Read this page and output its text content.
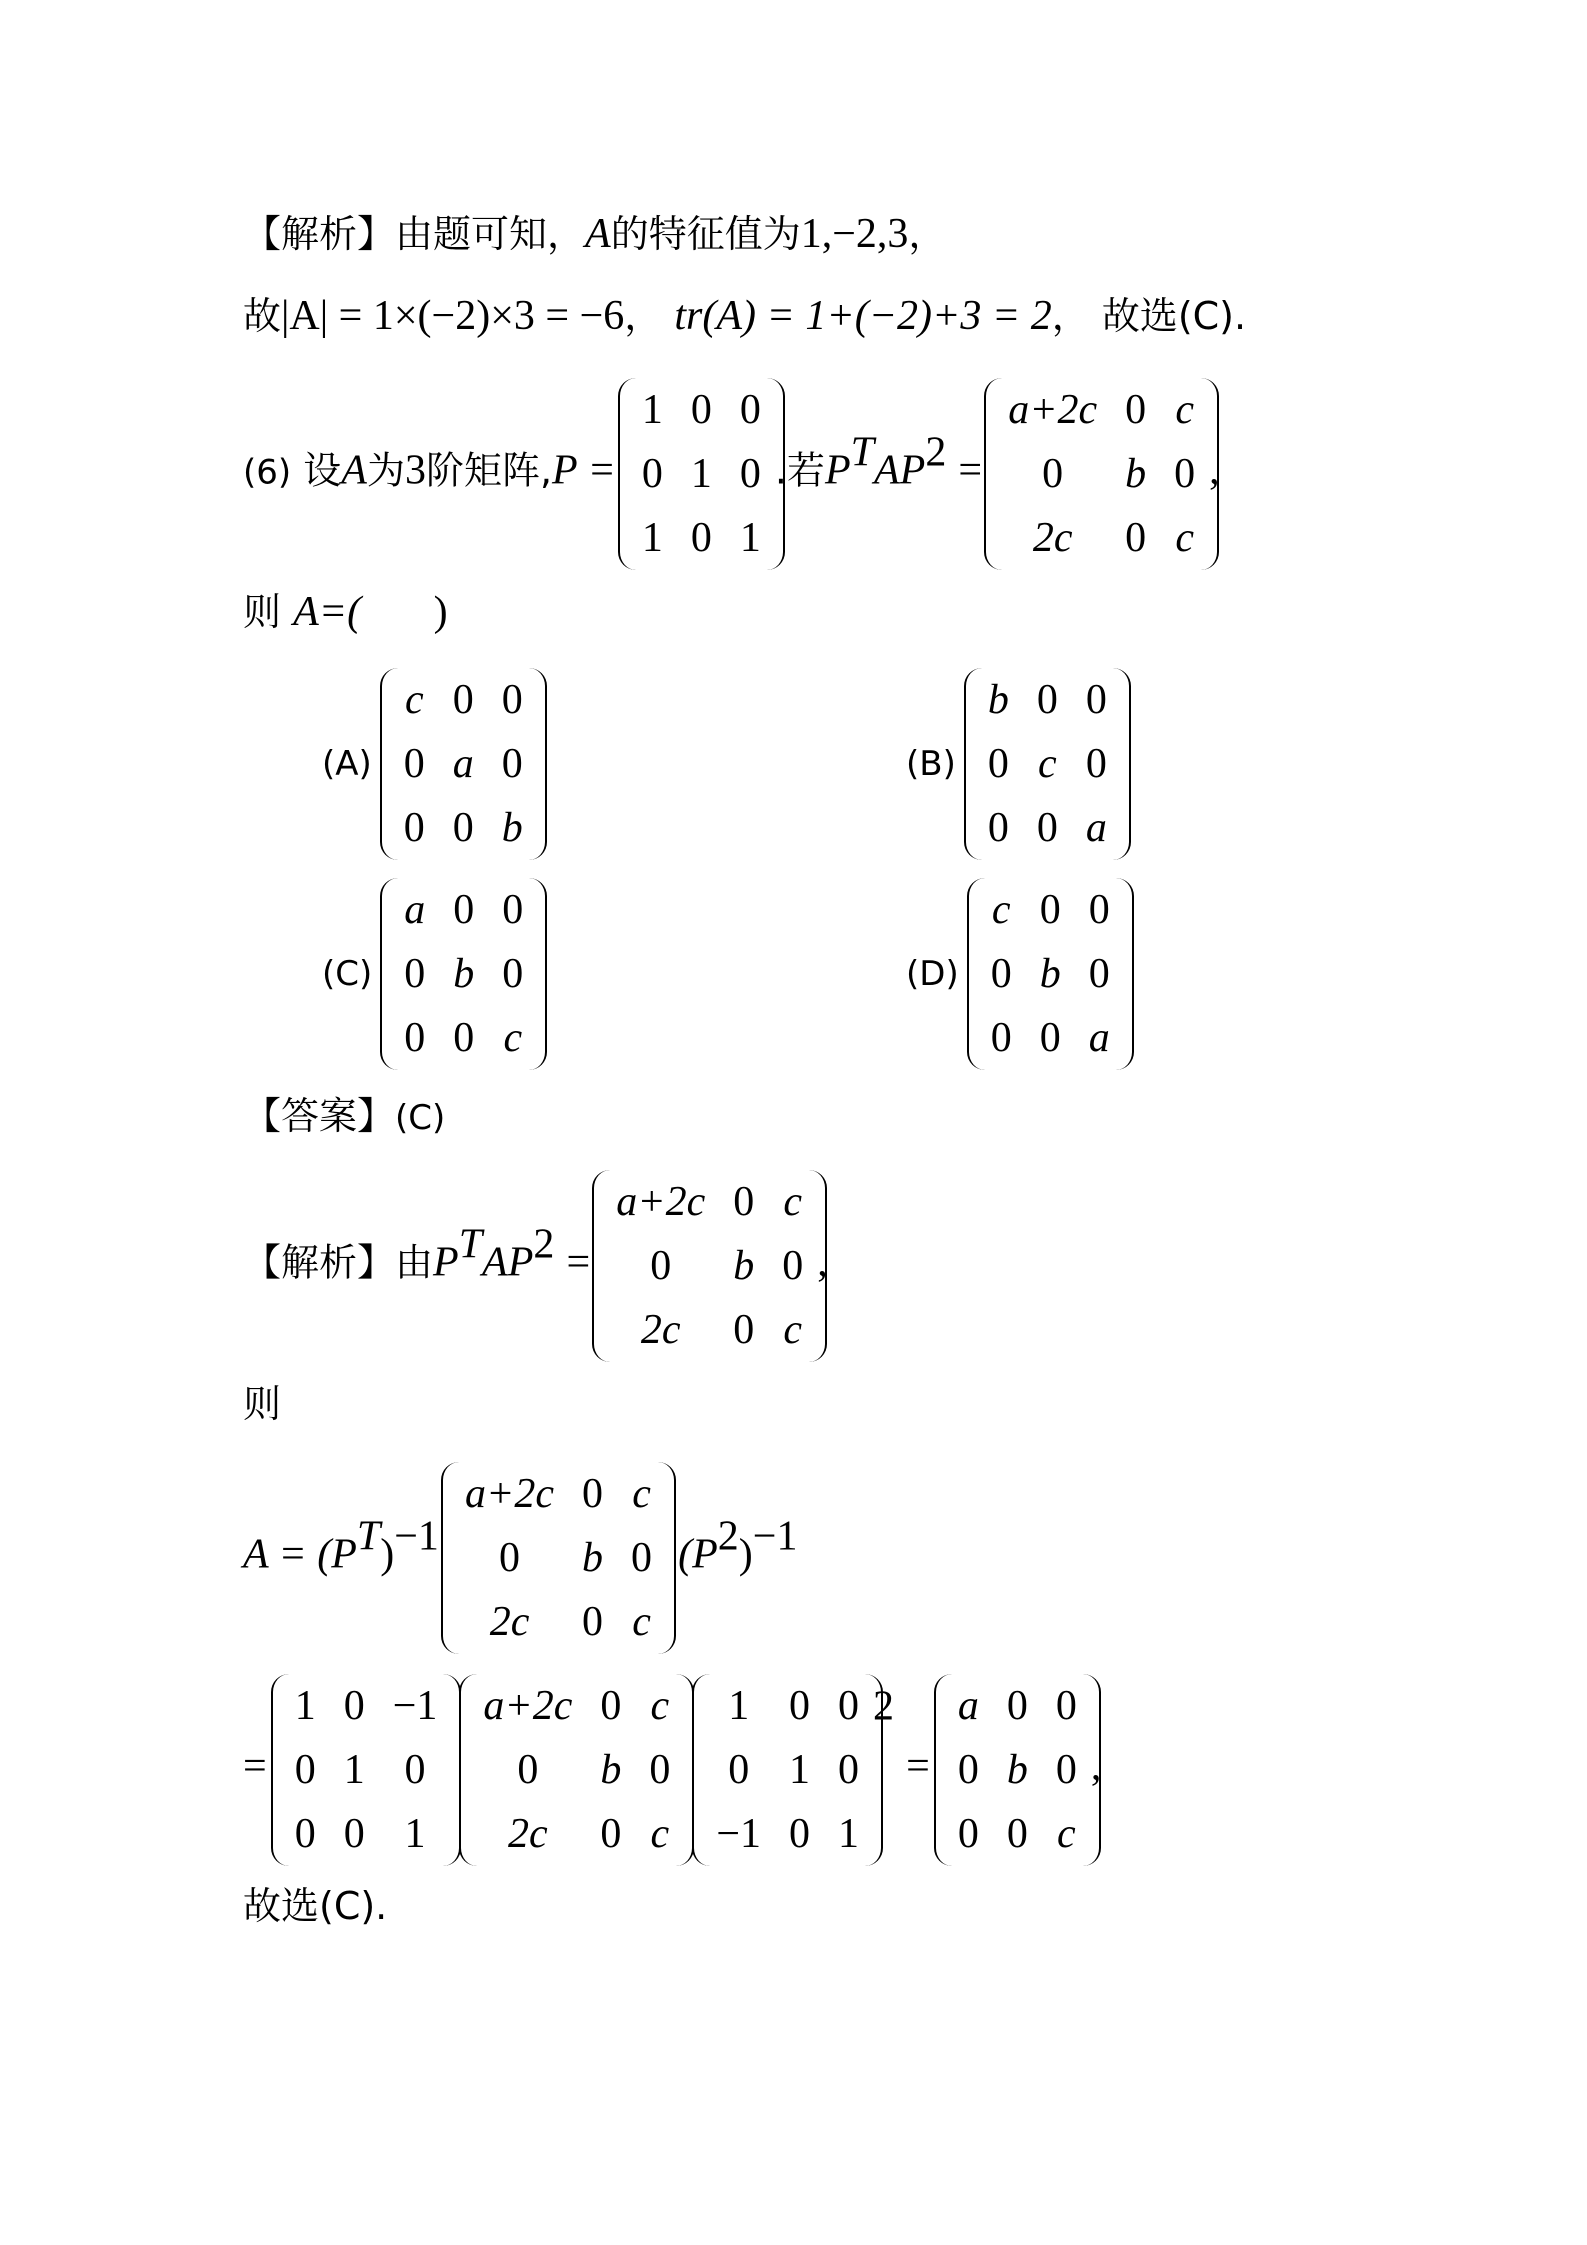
【解析】由题可知，A的特征值为1,−2,3，
故|A| = 1×(−2)×3 = −6， tr(A) = 1+(−2)+3 = 2， 故选(C).
(6) 设A为3阶矩阵,P =
1	0	0
0	1	0
1	0	1
.若$P^TAP^2$ =
a+2c	0	c
0	b	0
2c	0	c
,
则 A=( )
(A)
c	0	0
0	a	0
0	0	b
(B)
b	0	0
0	c	0
0	0	a
(C)
a	0	0
0	b	0
0	0	c
(D)
c	0	0
0	b	0
0	0	a
【答案】(C)
【解析】由$P^TAP^2$ =
a+2c	0	c
0	b	0
2c	0	c
,
则
$A = (P^T)^{-1}$
a+2c	0	c
0	b	0
2c	0	c
$(P^2)^{-1}$
=
1	0	−1
0	1	0
0	0	1
a+2c	0	c
0	b	0
2c	0	c
1	0	0
0	1	0
−1	0	1
$^2$ =
a	0	0
0	b	0
0	0	c
,
故选(C).
